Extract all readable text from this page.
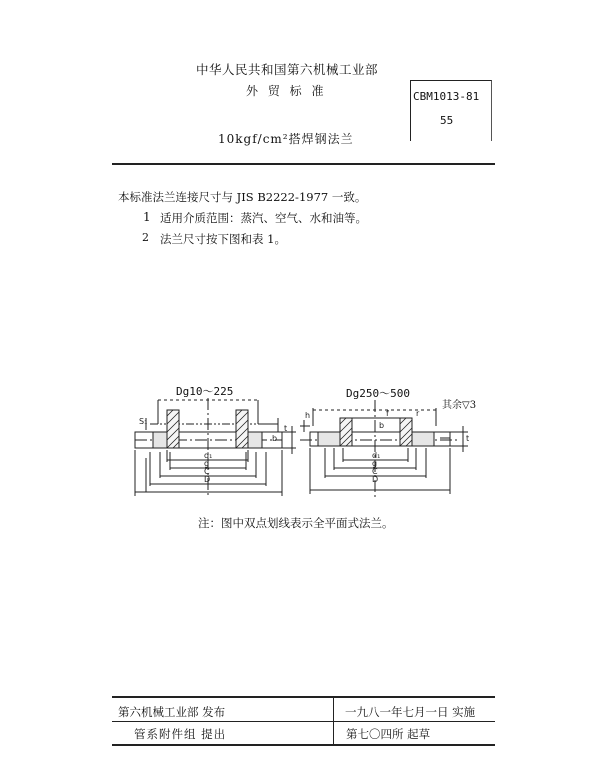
中华人民共和国第六机械工业部
外 贸 标 准
10kgf/cm²搭焊钢法兰
CBM1013-81
55
本标准法兰连接尺寸与 JIS B2222-1977 一致。
1 适用介质范围：蒸汽、空气、水和油等。
2 法兰尺寸按下图和表 1。
Dg10～225	Dg250～500
其余▽3
d₁
g
C
D
S₁
t
b
d₁
g
C
D
h
b
f	r
t
注：图中双点划线表示全平面式法兰。
第六机械工业部 发布	一九八一年七月一日 实施
管系附件组 提出	第七〇四所 起草
